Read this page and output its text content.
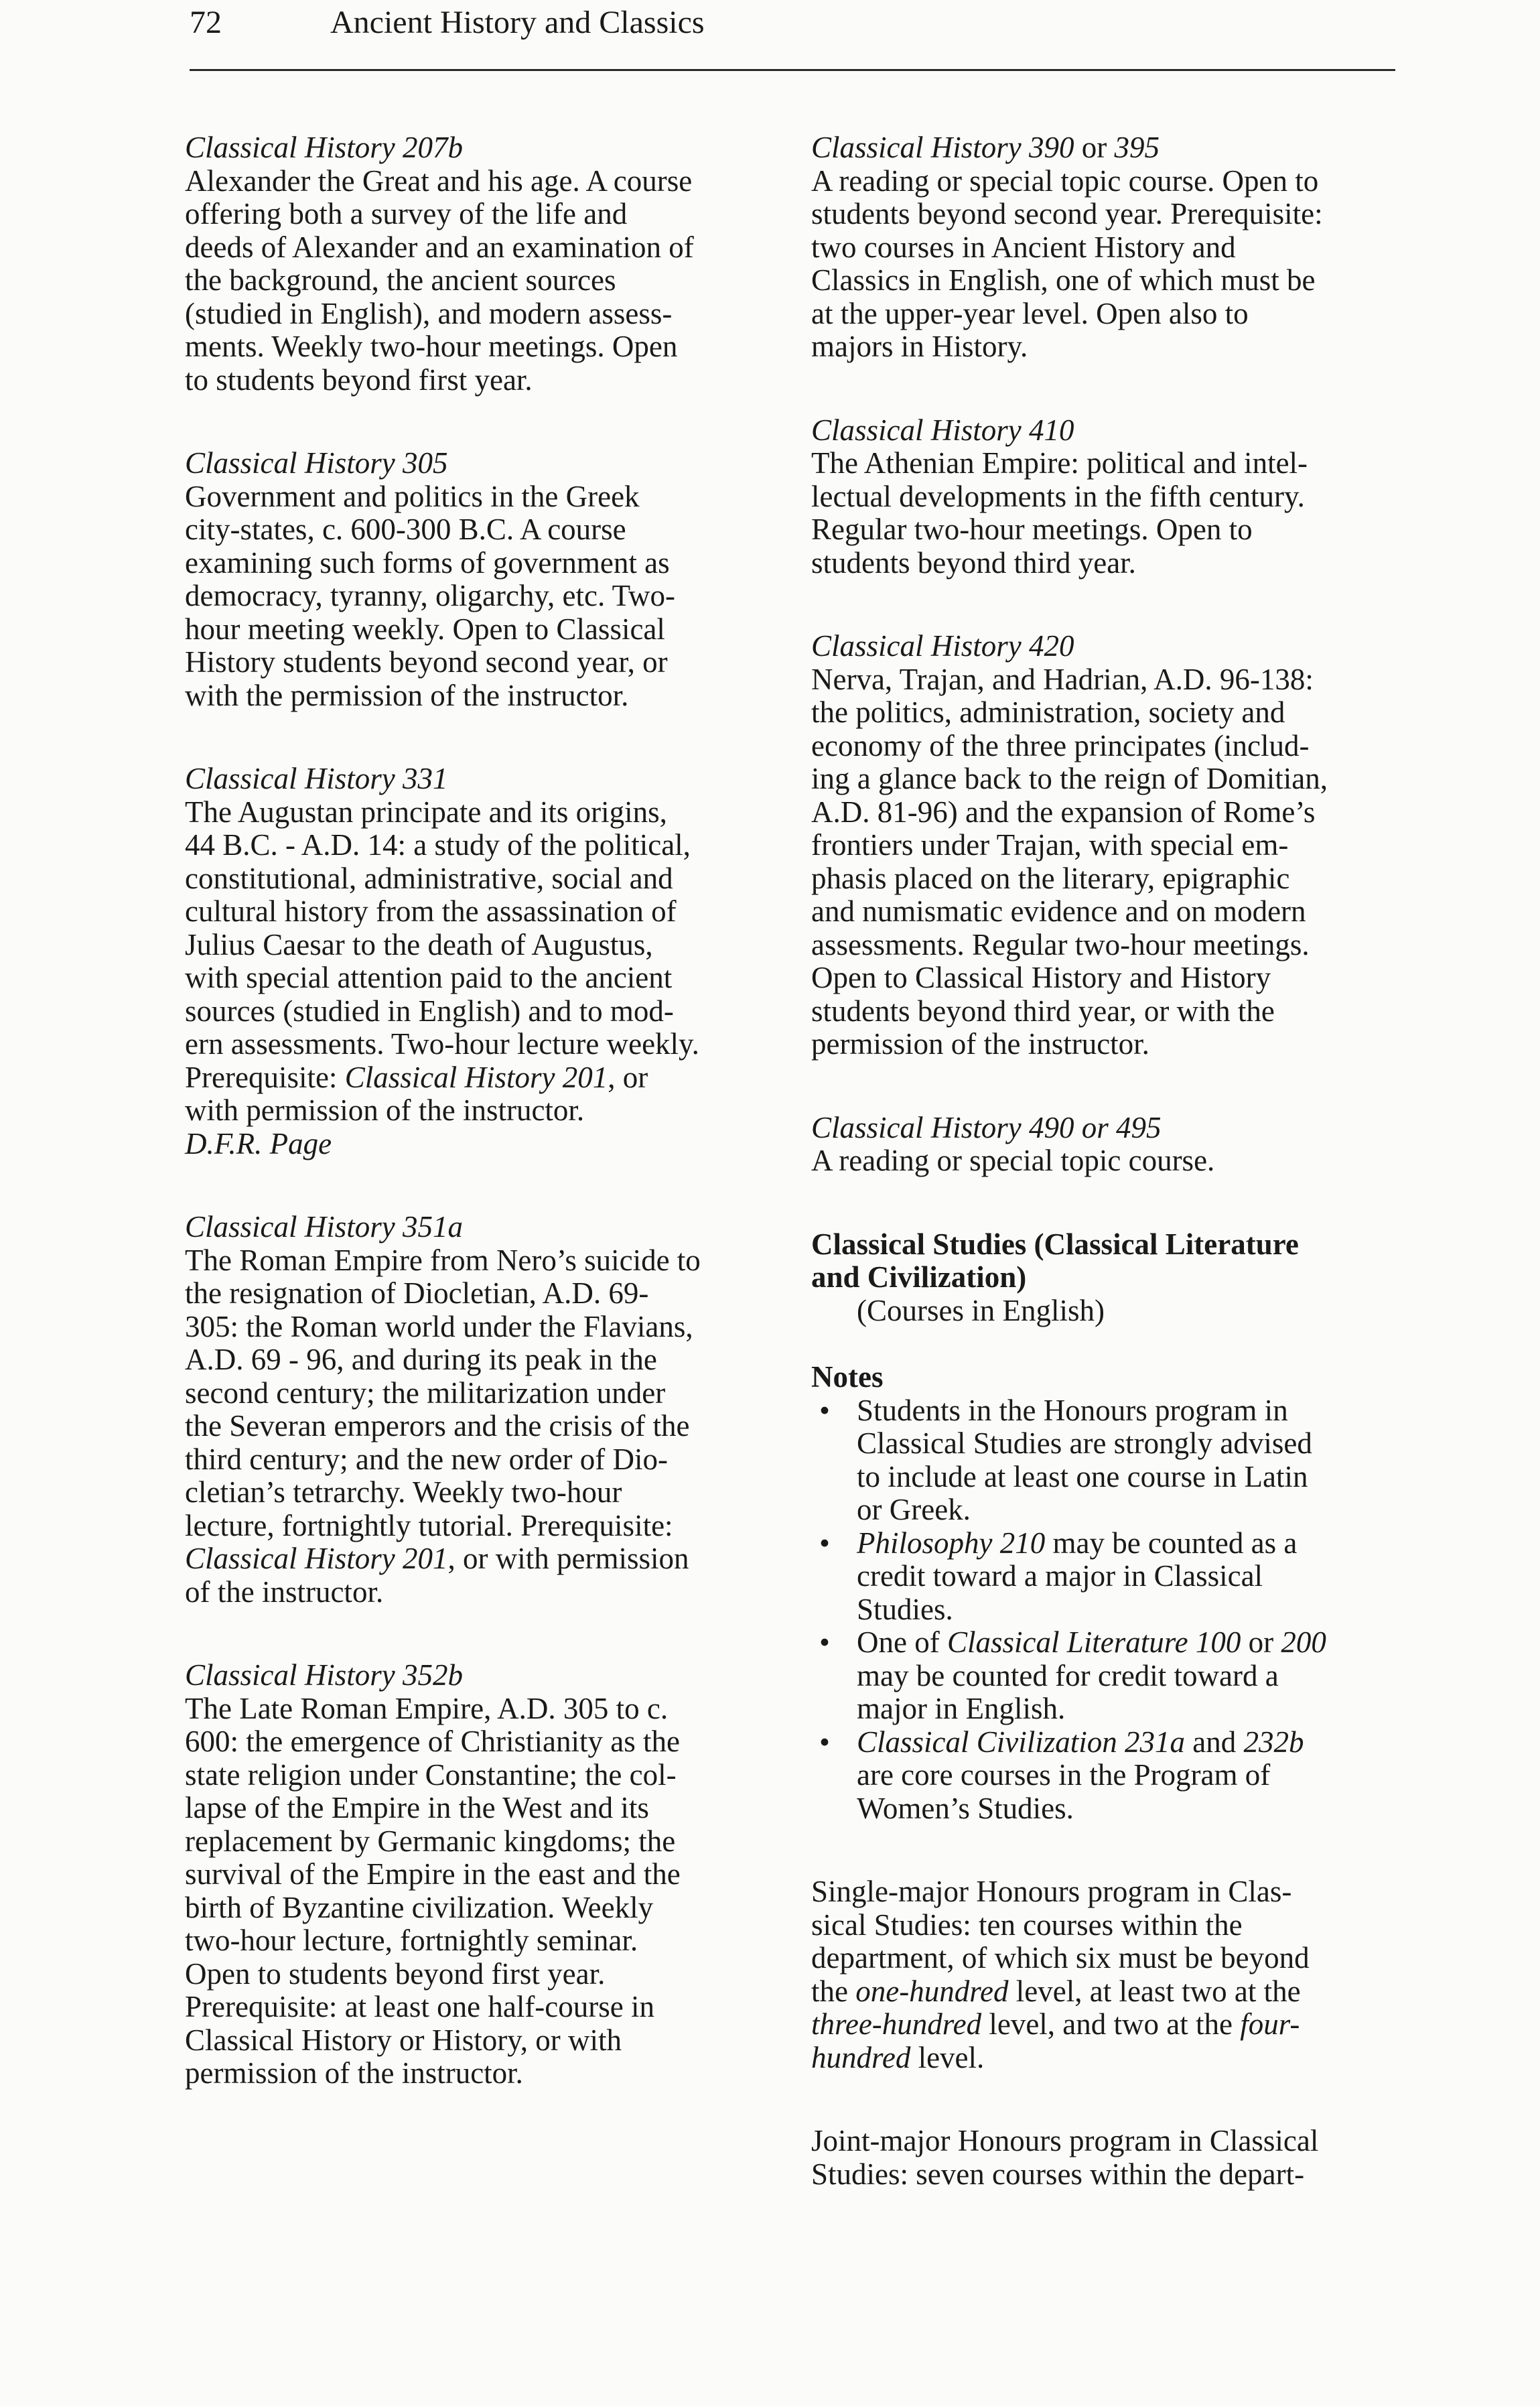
72	Ancient History and Classics
Classical History 207b
Alexander the Great and his age. A course
offering both a survey of the life and
deeds of Alexander and an examination of
the background, the ancient sources
(studied in English), and modern assess-
ments. Weekly two-hour meetings. Open
to students beyond first year.
Classical History 305
Government and politics in the Greek
city-states, c. 600-300 B.C. A course
examining such forms of government as
democracy, tyranny, oligarchy, etc. Two-
hour meeting weekly. Open to Classical
History students beyond second year, or
with the permission of the instructor.
Classical History 331
The Augustan principate and its origins,
44 B.C. - A.D. 14: a study of the political,
constitutional, administrative, social and
cultural history from the assassination of
Julius Caesar to the death of Augustus,
with special attention paid to the ancient
sources (studied in English) and to mod-
ern assessments. Two-hour lecture weekly.
Prerequisite: Classical History 201, or
with permission of the instructor.
D.F.R. Page
Classical History 351a
The Roman Empire from Nero’s suicide to
the resignation of Diocletian, A.D. 69-
305: the Roman world under the Flavians,
A.D. 69 - 96, and during its peak in the
second century; the militarization under
the Severan emperors and the crisis of the
third century; and the new order of Dio-
cletian’s tetrarchy. Weekly two-hour
lecture, fortnightly tutorial. Prerequisite:
Classical History 201, or with permission
of the instructor.
Classical History 352b
The Late Roman Empire, A.D. 305 to c.
600: the emergence of Christianity as the
state religion under Constantine; the col-
lapse of the Empire in the West and its
replacement by Germanic kingdoms; the
survival of the Empire in the east and the
birth of Byzantine civilization. Weekly
two-hour lecture, fortnightly seminar.
Open to students beyond first year.
Prerequisite: at least one half-course in
Classical History or History, or with
permission of the instructor.
Classical History 390 or 395
A reading or special topic course. Open to
students beyond second year. Prerequisite:
two courses in Ancient History and
Classics in English, one of which must be
at the upper-year level. Open also to
majors in History.
Classical History 410
The Athenian Empire: political and intel-
lectual developments in the fifth century.
Regular two-hour meetings. Open to
students beyond third year.
Classical History 420
Nerva, Trajan, and Hadrian, A.D. 96-138:
the politics, administration, society and
economy of the three principates (includ-
ing a glance back to the reign of Domitian,
A.D. 81-96) and the expansion of Rome’s
frontiers under Trajan, with special em-
phasis placed on the literary, epigraphic
and numismatic evidence and on modern
assessments. Regular two-hour meetings.
Open to Classical History and History
students beyond third year, or with the
permission of the instructor.
Classical History 490 or 495
A reading or special topic course.
Classical Studies (Classical Literature
and Civilization)
(Courses in English)
Notes
• Students in the Honours program in
Classical Studies are strongly advised
to include at least one course in Latin
or Greek.
• Philosophy 210 may be counted as a
credit toward a major in Classical
Studies.
• One of Classical Literature 100 or 200
may be counted for credit toward a
major in English.
• Classical Civilization 231a and 232b
are core courses in the Program of
Women’s Studies.
Single-major Honours program in Clas-
sical Studies: ten courses within the
department, of which six must be beyond
the one-hundred level, at least two at the
three-hundred level, and two at the four-
hundred level.
Joint-major Honours program in Classical
Studies: seven courses within the depart-
